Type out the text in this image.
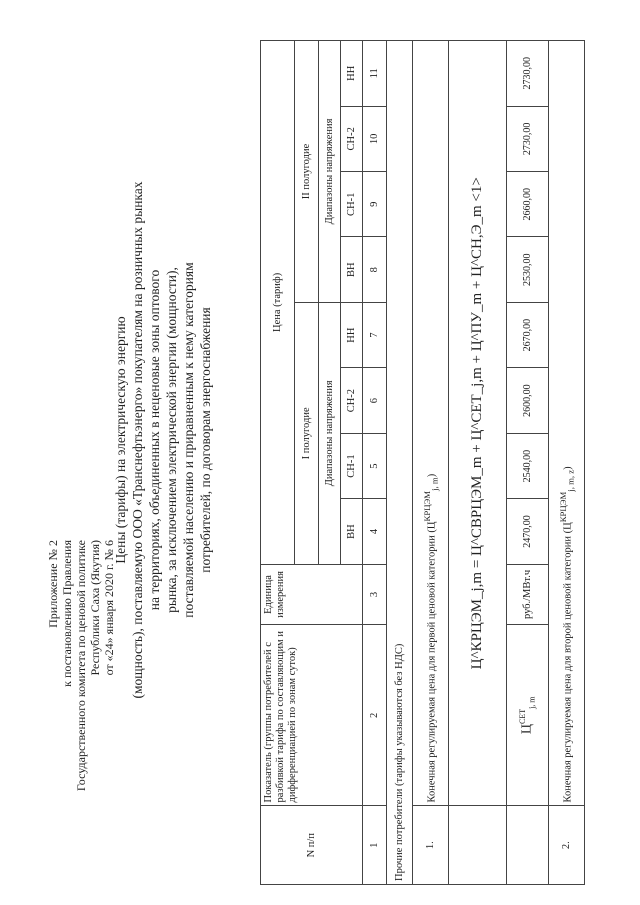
Приложение № 2 к постановлению Правления Государственного комитета по ценовой политике Республики Саха (Якутия) от «24» января 2020 г. № 6
Цены (тарифы) на электрическую энергию (мощность), поставляемую ООО «Транснефтьэнерго» покупателям на розничных рынках на территориях, объединенных в неценовые зоны оптового рынка, за исключением электрической энергии (мощности), поставляемой населению и приравненным к нему категориям потребителей, по договорам энергоснабжения
N п/п	Показатель (группы потребителей с разбивкой тарифа по составляющим и дифференциацией по зонам суток)	Единица измерения	Цена (тариф)							
			I полугодие				II полугодие			
			Диапазоны напряжения				Диапазоны напряжения			
			ВН	СН-1	СН-2	НН	ВН	СН-1	СН-2	НН
1	2	3	4	5	6	7	8	9	10	11
Прочие потребители (тарифы указываются без НДС)										
1.	Конечная регулируемая цена для первой ценовой категории $(Ц^{КРЦЭМ}_{j, m})$									
	Ц^КРЦЭМ_j,m = Ц^СВРЦЭМ_m + Ц^СЕТ_j,m + Ц^ПУ_m + Ц^СН,Э_m <1>									
	$Ц^{СЕТ}_{j, m}$	руб./МВт.ч	2470,00	2540,00	2600,00	2670,00	2530,00	2660,00	2730,00	2730,00
2.	Конечная регулируемая цена для второй ценовой категории $(Ц^{КРЦЭМ}_{j, m, z})$									
